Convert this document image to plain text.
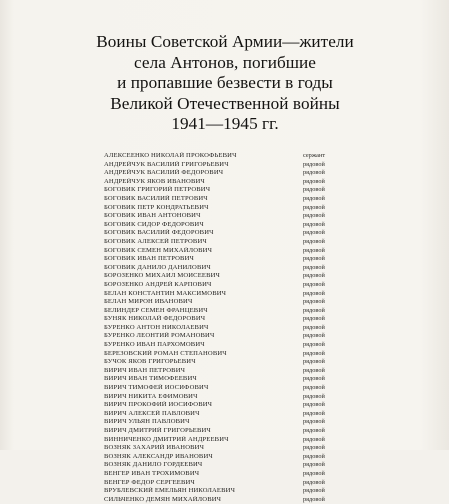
Воины Советской Армии—жители
села Антонов, погибшие
и пропавшие безвести в годы
Великой Отечественной войны
1941—1945 гг.
АЛЕКСЕЕНКО НИКОЛАЙ ПРОКОФЬЕВИЧ	сержант
АНДРЕЙЧУК ВАСИЛИЙ ГРИГОРЬЕВИЧ	рядовой
АНДРЕЙЧУК ВАСИЛИЙ ФЕДОРОВИЧ	рядовой
АНДРЕЙЧУК ЯКОВ ИВАНОВИЧ	рядовой
БОГОВИК ГРИГОРИЙ ПЕТРОВИЧ	рядовой
БОГОВИК ВАСИЛИЙ ПЕТРОВИЧ	рядовой
БОГОВИК ПЕТР КОНДРАТЬЕВИЧ	рядовой
БОГОВИК ИВАН АНТОНОВИЧ	рядовой
БОГОВИК СИДОР ФЕДОРОВИЧ	рядовой
БОГОВИК ВАСИЛИЙ ФЕДОРОВИЧ	рядовой
БОГОВИК АЛЕКСЕЙ ПЕТРОВИЧ	рядовой
БОГОВИК СЕМЕН МИХАЙЛОВИЧ	рядовой
БОГОВИК ИВАН ПЕТРОВИЧ	рядовой
БОГОВИК ДАНИЛО ДАНИЛОВИЧ	рядовой
БОРОЗЕНКО МИХАИЛ МОИСЕЕВИЧ	рядовой
БОРОЗЕНКО АНДРЕЙ КАРПОВИЧ	рядовой
БЕЛАН КОНСТАНТИН МАКСИМОВИЧ	рядовой
БЕЛАН МИРОН ИВАНОВИЧ	рядовой
БЕЛИНДЕР СЕМЕН ФРАНЦЕВИЧ	рядовой
БУНЯК НИКОЛАЙ ФЕДОРОВИЧ	рядовой
БУРЕНКО АНТОН НИКОЛАЕВИЧ	рядовой
БУРЕНКО ЛЕОНТИЙ РОМАНОВИЧ	рядовой
БУРЕНКО ИВАН ПАРХОМОВИЧ	рядовой
БЕРЕЗОВСКИЙ РОМАН СТЕПАНОВИЧ	рядовой
БУЧОК ЯКОВ ГРИГОРЬЕВИЧ	рядовой
ВИРИЧ ИВАН ПЕТРОВИЧ	рядовой
ВИРИЧ ИВАН ТИМОФЕЕВИЧ	рядовой
ВИРИЧ ТИМОФЕЙ ИОСИФОВИЧ	рядовой
ВИРИЧ НИКИТА ЕФИМОВИЧ	рядовой
ВИРИЧ ПРОКОФИЙ ИОСИФОВИЧ	рядовой
ВИРИЧ АЛЕКСЕЙ ПАВЛОВИЧ	рядовой
ВИРИЧ УЛЬЯН ПАВЛОВИЧ	рядовой
ВИРИЧ ДМИТРИЙ ГРИГОРЬЕВИЧ	рядовой
ВИННИЧЕНКО ДМИТРИЙ АНДРЕЕВИЧ	рядовой
ВОЗНЯК ЗАХАРИЙ ИВАНОВИЧ	рядовой
ВОЗНЯК АЛЕКСАНДР ИВАНОВИЧ	рядовой
ВОЗНЯК ДАНИЛО ГОРДЕЕВИЧ	рядовой
ВЕНГЕР ИВАН ТРОХИМОВИЧ	рядовой
ВЕНГЕР ФЕДОР СЕРГЕЕВИЧ	рядовой
ВРУБЛЕВСКИЙ ЕМЕЛЬЯН НИКОЛАЕВИЧ	рядовой
СИЛЬЧЕНКО ДЕМЯН МИХАЙЛОВИЧ	рядовой
